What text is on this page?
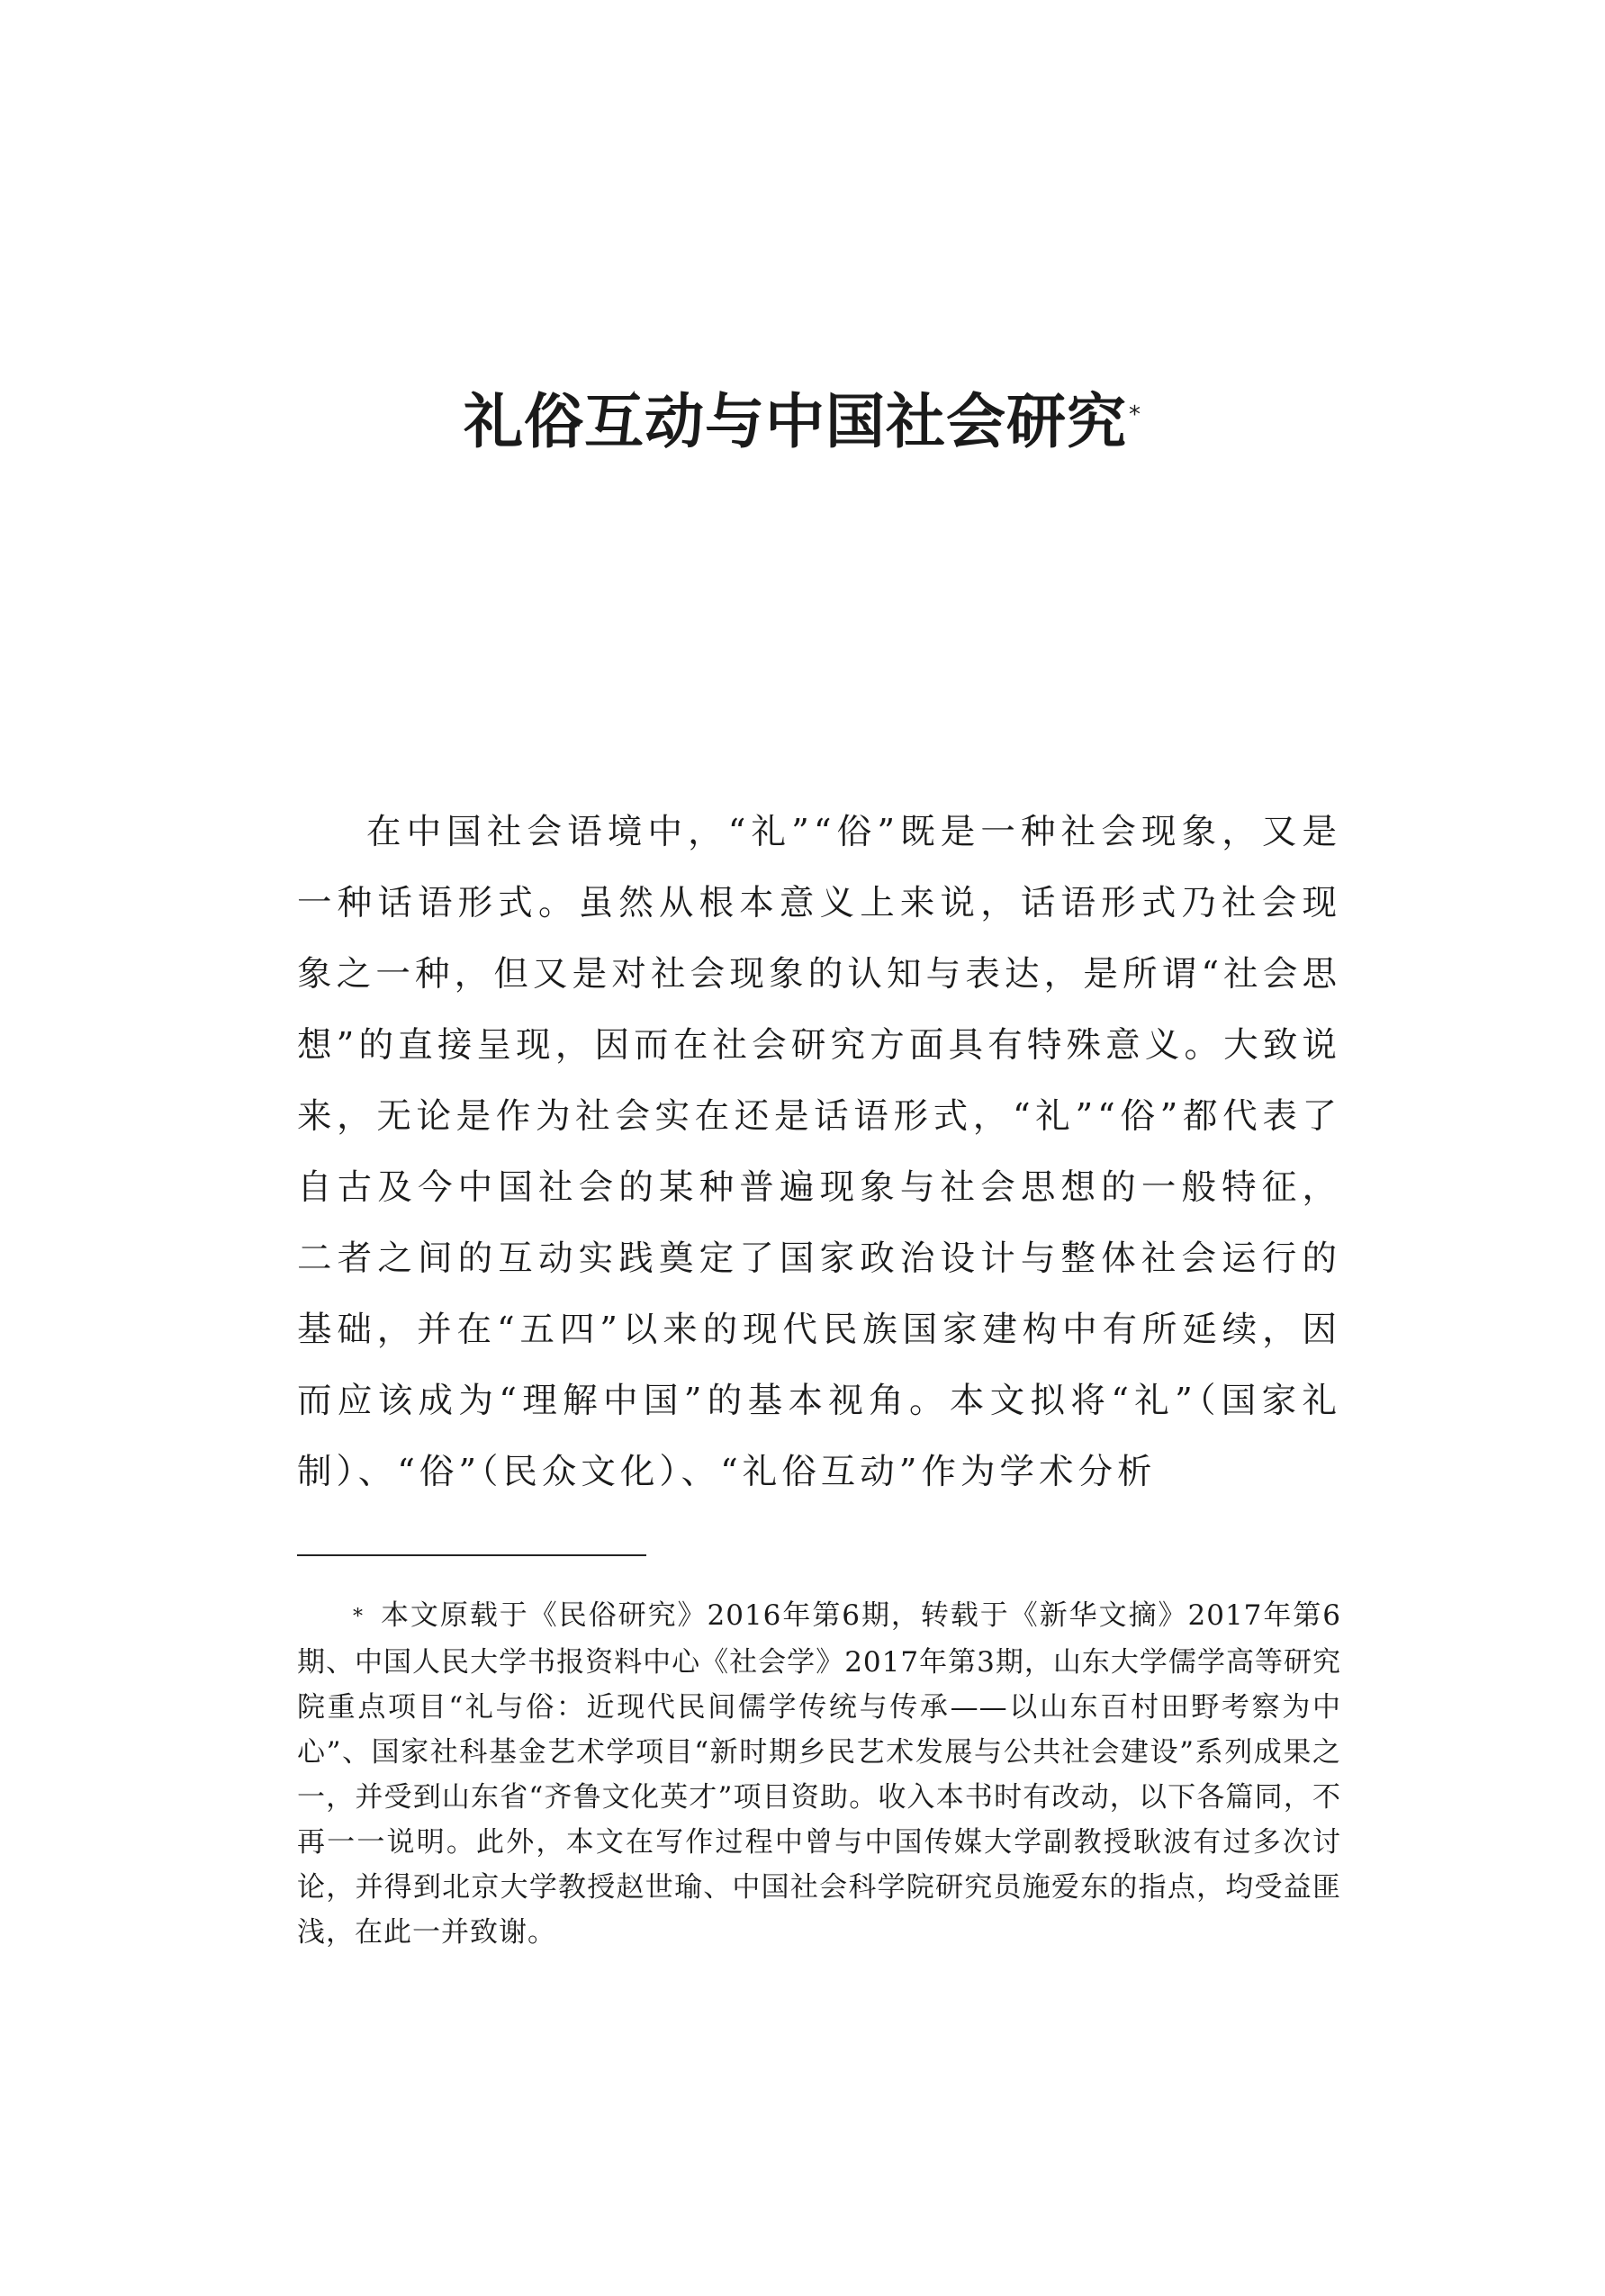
礼俗互动与中国社会研究*

在中国社会语境中，“礼”“俗”既是一种社会现象，又是一种话语形式。虽然从根本意义上来说，话语形式乃社会现象之一种，但又是对社会现象的认知与表达，是所谓“社会思想”的直接呈现，因而在社会研究方面具有特殊意义。大致说来，无论是作为社会实在还是话语形式，“礼”“俗”都代表了自古及今中国社会的某种普遍现象与社会思想的一般特征，二者之间的互动实践奠定了国家政治设计与整体社会运行的基础，并在“五四”以来的现代民族国家建构中有所延续，因而应该成为“理解中国”的基本视角。本文拟将“礼”（国家礼制）、“俗”（民众文化）、“礼俗互动”作为学术分析

* 本文原载于《民俗研究》2016年第6期，转载于《新华文摘》2017年第6期、中国人民大学书报资料中心《社会学》2017年第3期，山东大学儒学高等研究院重点项目“礼与俗：近现代民间儒学传统与传承——以山东百村田野考察为中心”、国家社科基金艺术学项目“新时期乡民艺术发展与公共社会建设”系列成果之一，并受到山东省“齐鲁文化英才”项目资助。收入本书时有改动，以下各篇同，不再一一说明。此外，本文在写作过程中曾与中国传媒大学副教授耿波有过多次讨论，并得到北京大学教授赵世瑜、中国社会科学院研究员施爱东的指点，均受益匪浅，在此一并致谢。
